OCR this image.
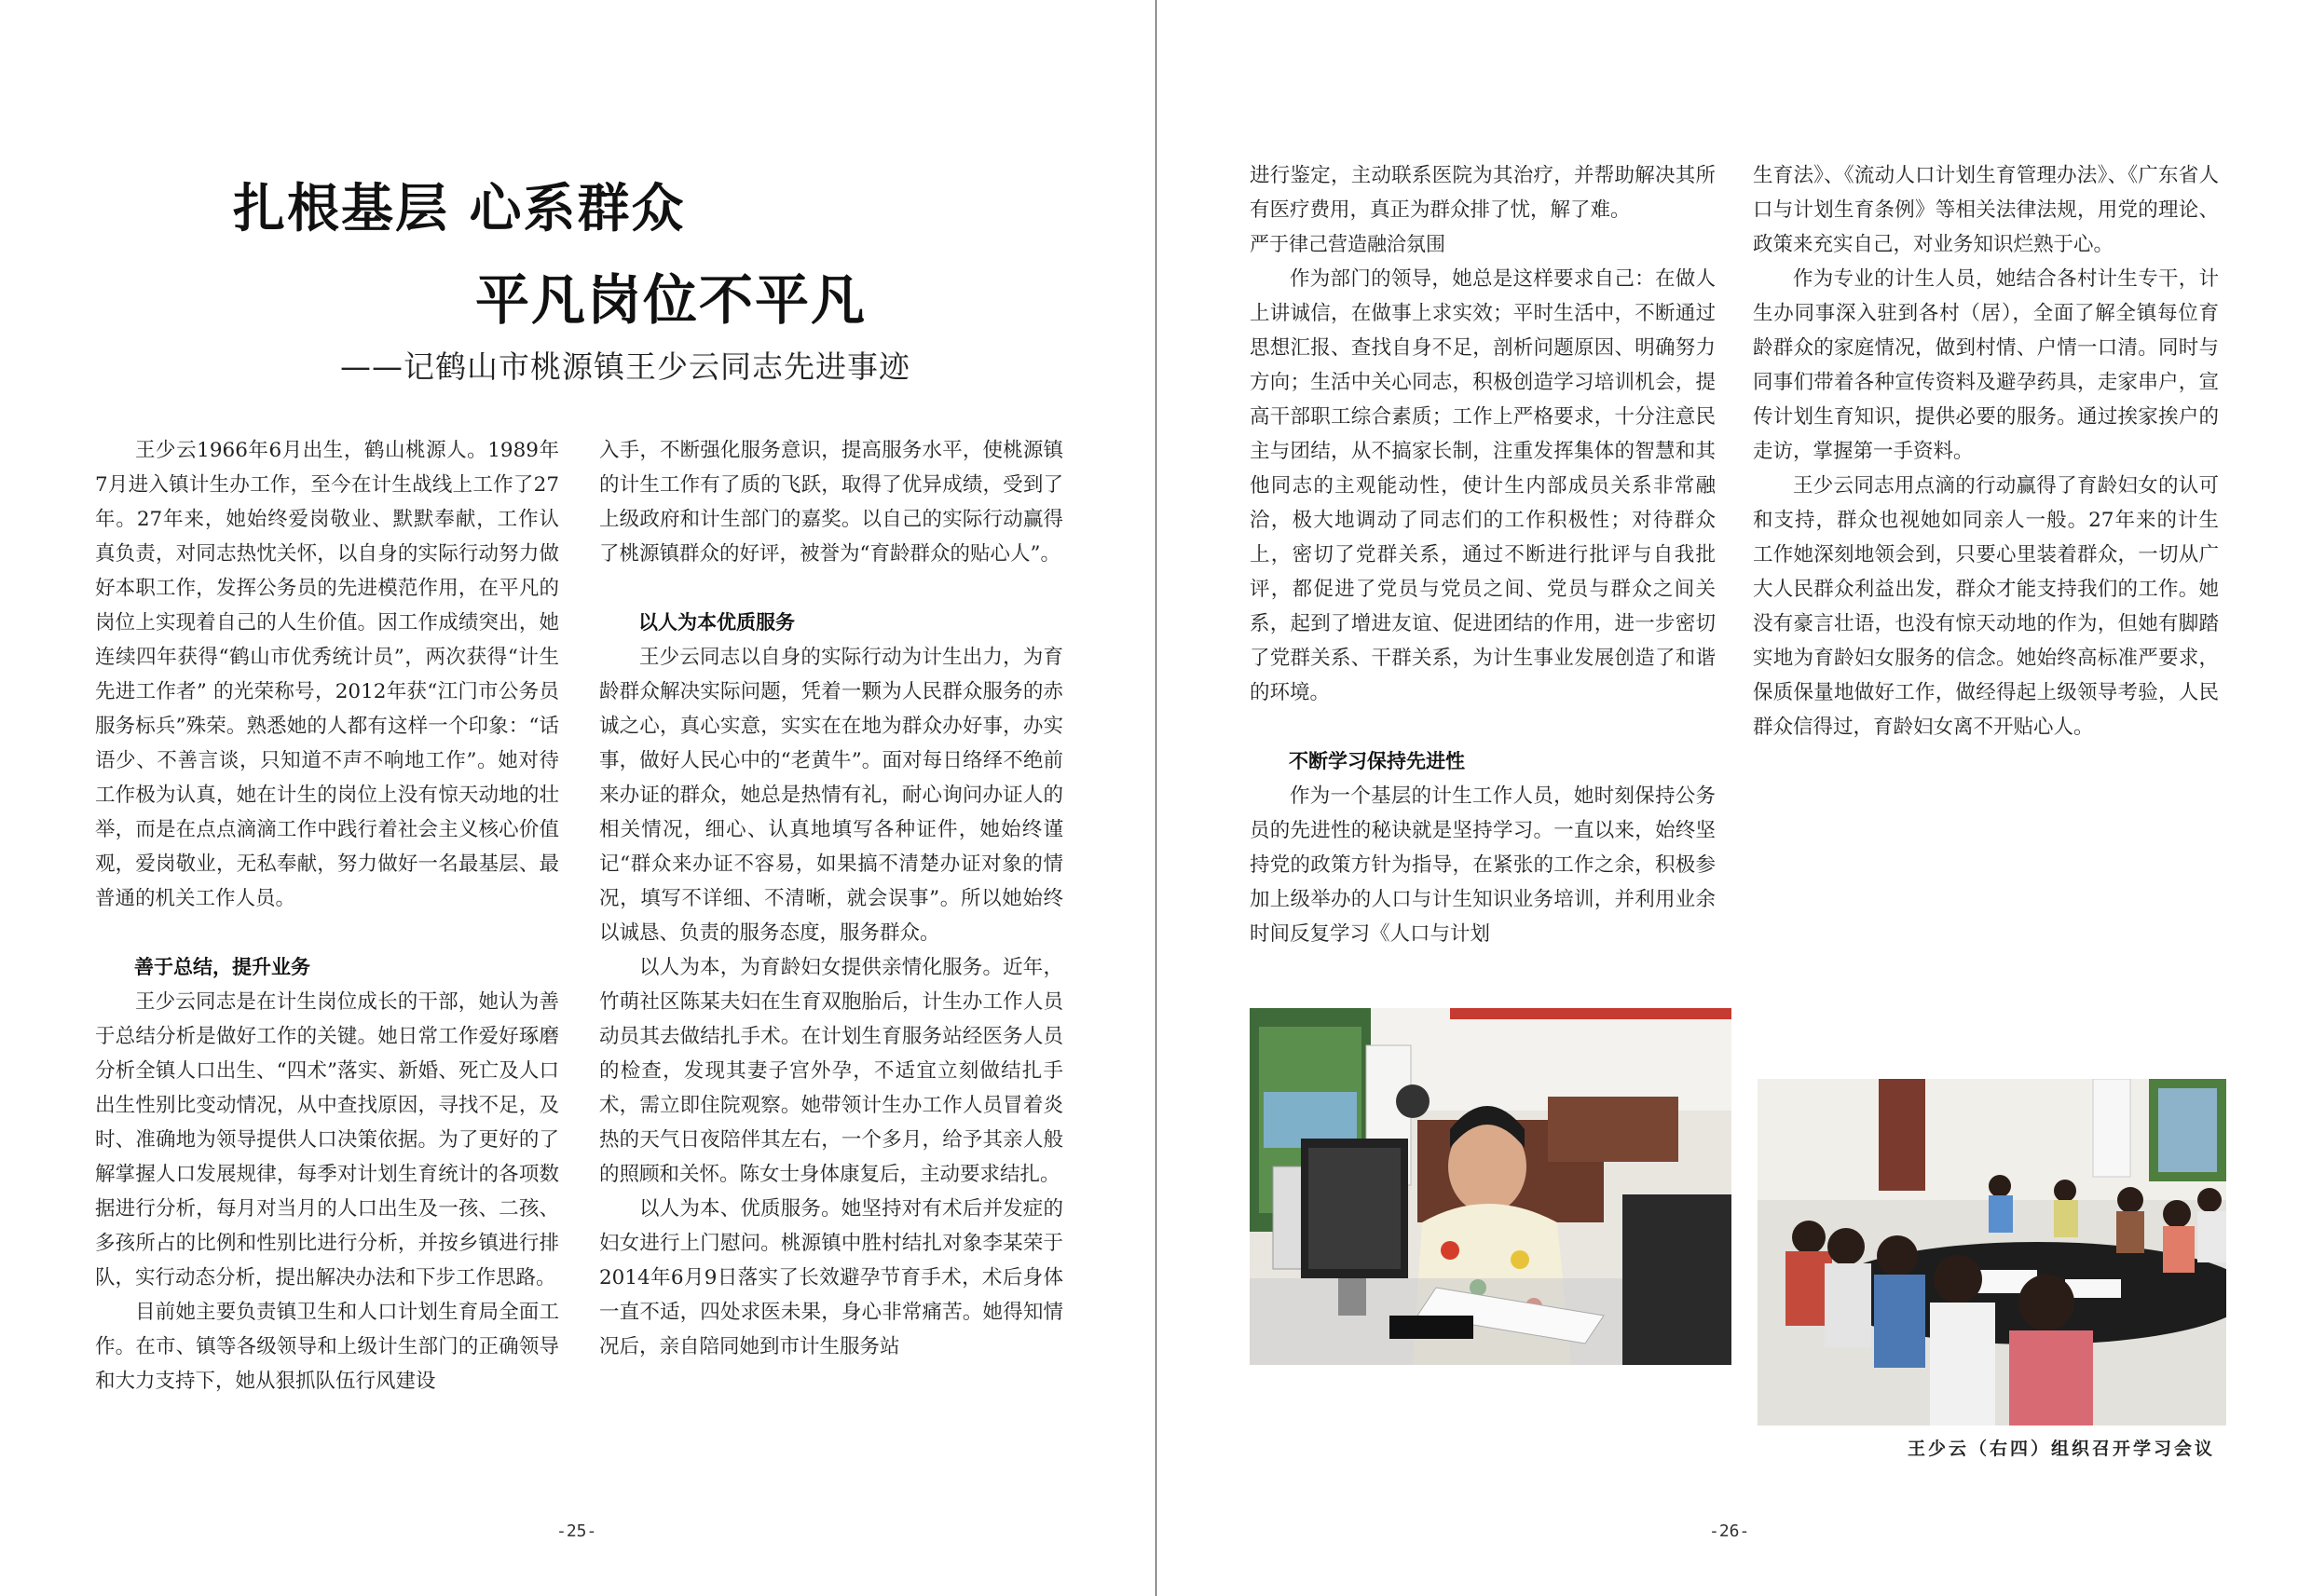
扎根基层 心系群众
平凡岗位不平凡
——记鹤山市桃源镇王少云同志先进事迹

王少云1966年6月出生，鹤山桃源人。1989年7月进入镇计生办工作，至今在计生战线上工作了27年。27年来，她始终爱岗敬业、默默奉献，工作认真负责，对同志热忱关怀，以自身的实际行动努力做好本职工作，发挥公务员的先进模范作用，在平凡的岗位上实现着自己的人生价值。因工作成绩突出，她连续四年获得“鹤山市优秀统计员”，两次获得“计生先进工作者” 的光荣称号，2012年获“江门市公务员服务标兵”殊荣。熟悉她的人都有这样一个印象：“话语少、不善言谈，只知道不声不响地工作”。她对待工作极为认真，她在计生的岗位上没有惊天动地的壮举，而是在点点滴滴工作中践行着社会主义核心价值观，爱岗敬业，无私奉献，努力做好一名最基层、最普通的机关工作人员。

善于总结，提升业务

王少云同志是在计生岗位成长的干部，她认为善于总结分析是做好工作的关键。她日常工作爱好琢磨分析全镇人口出生、“四术”落实、新婚、死亡及人口出生性别比变动情况，从中查找原因，寻找不足，及时、准确地为领导提供人口决策依据。为了更好的了解掌握人口发展规律，每季对计划生育统计的各项数据进行分析，每月对当月的人口出生及一孩、二孩、多孩所占的比例和性别比进行分析，并按乡镇进行排队，实行动态分析，提出解决办法和下步工作思路。

目前她主要负责镇卫生和人口计划生育局全面工作。在市、镇等各级领导和上级计生部门的正确领导和大力支持下，她从狠抓队伍行风建设

入手，不断强化服务意识，提高服务水平，使桃源镇的计生工作有了质的飞跃，取得了优异成绩，受到了上级政府和计生部门的嘉奖。以自己的实际行动赢得了桃源镇群众的好评，被誉为“育龄群众的贴心人”。

以人为本优质服务

王少云同志以自身的实际行动为计生出力，为育龄群众解决实际问题，凭着一颗为人民群众服务的赤诚之心，真心实意，实实在在地为群众办好事，办实事，做好人民心中的“老黄牛”。面对每日络绎不绝前来办证的群众，她总是热情有礼，耐心询问办证人的相关情况，细心、认真地填写各种证件，她始终谨记“群众来办证不容易，如果搞不清楚办证对象的情况，填写不详细、不清晰，就会误事”。所以她始终以诚恳、负责的服务态度，服务群众。

以人为本，为育龄妇女提供亲情化服务。近年，竹萌社区陈某夫妇在生育双胞胎后，计生办工作人员动员其去做结扎手术。在计划生育服务站经医务人员的检查，发现其妻子宫外孕，不适宜立刻做结扎手术，需立即住院观察。她带领计生办工作人员冒着炎热的天气日夜陪伴其左右，一个多月，给予其亲人般的照顾和关怀。陈女士身体康复后，主动要求结扎。

以人为本、优质服务。她坚持对有术后并发症的妇女进行上门慰问。桃源镇中胜村结扎对象李某荣于2014年6月9日落实了长效避孕节育手术，术后身体一直不适，四处求医未果，身心非常痛苦。她得知情况后，亲自陪同她到市计生服务站

-25-

进行鉴定，主动联系医院为其治疗，并帮助解决其所有医疗费用，真正为群众排了忧，解了难。

严于律己营造融洽氛围

作为部门的领导，她总是这样要求自己：在做人上讲诚信，在做事上求实效；平时生活中，不断通过思想汇报、查找自身不足，剖析问题原因、明确努力方向；生活中关心同志，积极创造学习培训机会，提高干部职工综合素质；工作上严格要求，十分注意民主与团结，从不搞家长制，注重发挥集体的智慧和其他同志的主观能动性，使计生内部成员关系非常融洽，极大地调动了同志们的工作积极性；对待群众上，密切了党群关系，通过不断进行批评与自我批评，都促进了党员与党员之间、党员与群众之间关系，起到了增进友谊、促进团结的作用，进一步密切了党群关系、干群关系，为计生事业发展创造了和谐的环境。

不断学习保持先进性

作为一个基层的计生工作人员，她时刻保持公务员的先进性的秘诀就是坚持学习。一直以来，始终坚持党的政策方针为指导，在紧张的工作之余，积极参加上级举办的人口与计生知识业务培训，并利用业余时间反复学习《人口与计划

生育法》、《流动人口计划生育管理办法》、《广东省人口与计划生育条例》等相关法律法规，用党的理论、政策来充实自己，对业务知识烂熟于心。

作为专业的计生人员，她结合各村计生专干，计生办同事深入驻到各村（居），全面了解全镇每位育龄群众的家庭情况，做到村情、户情一口清。同时与同事们带着各种宣传资料及避孕药具，走家串户，宣传计划生育知识，提供必要的服务。通过挨家挨户的走访，掌握第一手资料。

王少云同志用点滴的行动赢得了育龄妇女的认可和支持，群众也视她如同亲人一般。27年来的计生工作她深刻地领会到，只要心里装着群众，一切从广大人民群众利益出发，群众才能支持我们的工作。她没有豪言壮语，也没有惊天动地的作为，但她有脚踏实地为育龄妇女服务的信念。她始终高标准严要求，保质保量地做好工作，做经得起上级领导考验，人民群众信得过，育龄妇女离不开贴心人。

王少云（右四）组织召开学习会议
-26-
